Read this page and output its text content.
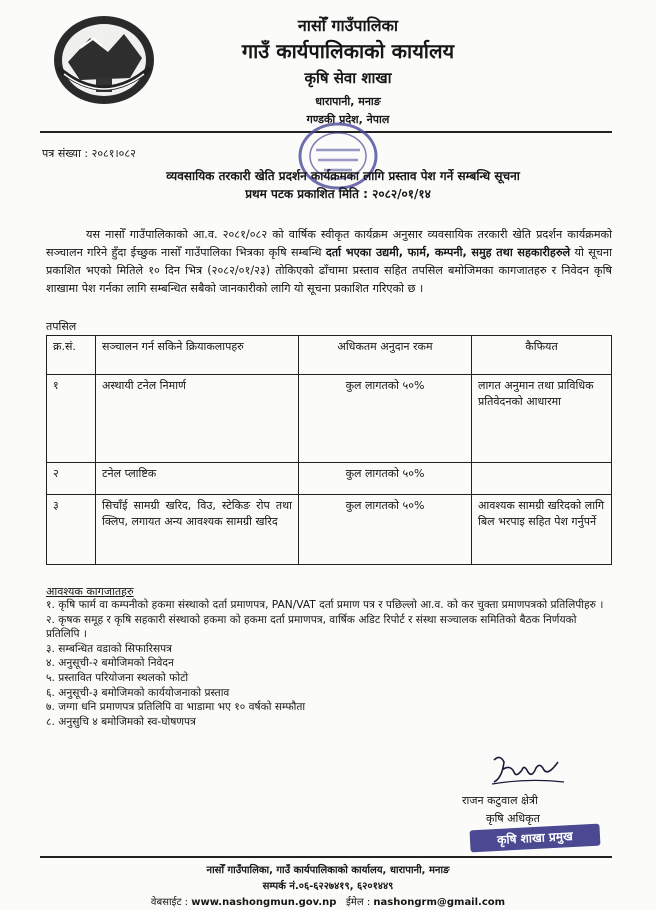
नासोँ गाउँपालिका
गाउँ कार्यपालिकाको कार्यालय
कृषि सेवा शाखा
धारापानी, मनाङ
गण्डकी प्रदेश, नेपाल
पत्र संख्या : २०८१।०८२
व्यवसायिक तरकारी खेति प्रदर्शन कार्यक्रमका लागि प्रस्ताव पेश गर्ने सम्बन्धि सूचना
प्रथम पटक प्रकाशित मिति : २०८२/०१/१४
यस नासोँ गाउँपालिकाको आ.व. २०८१/०८२ को वार्षिक स्वीकृत कार्यक्रम अनुसार व्यवसायिक तरकारी खेति प्रदर्शन कार्यक्रमको सञ्चालन गरिने हुँदा ईच्छुक नासोँ गाउँपालिका भित्रका कृषि सम्बन्धि दर्ता भएका उद्यमी, फार्म, कम्पनी, समुह तथा सहकारीहरुले यो सूचना प्रकाशित भएको मितिले १० दिन भित्र (२०८२/०१/२३) तोकिएको ढाँचामा प्रस्ताव सहित तपसिल बमोजिमका कागजातहरु र निवेदन कृषि शाखामा पेश गर्नका लागि सम्बन्धित सबैको जानकारीको लागि यो सूचना प्रकाशित गरिएको छ ।
तपसिल
क्र.सं.	सञ्चालन गर्न सकिने क्रियाकलापहरु	अधिकतम अनुदान रकम	कैफियत
१	अस्थायी टनेल निमार्ण	कुल लागतको ५०%	लागत अनुमान तथा प्राविधिक प्रतिवेदनको आधारमा
२	टनेल प्लाष्टिक	कुल लागतको ५०%	
३	सिचाँई सामग्री खरिद, विउ, स्टेकिङ रोप तथा क्लिप, लगायत अन्य आवश्यक सामग्री खरिद	कुल लागतको ५०%	आवश्यक सामग्री खरिदको लागि बिल भरपाइ सहित पेश गर्नुपर्ने
आवश्यक कागजातहरु
१. कृषि फार्म वा कम्पनीको हकमा संस्थाको दर्ता प्रमाणपत्र, PAN/VAT दर्ता प्रमाण पत्र र पछिल्लो आ.व. को कर चुक्ता प्रमाणपत्रको प्रतिलिपीहरु ।
२. कृषक समूह र कृषि सहकारी संस्थाको हकमा को हकमा दर्ता प्रमाणपत्र, वार्षिक अडिट रिपोर्ट र संस्था सञ्चालक समितिको बैठक निर्णयको प्रतिलिपि ।
३. सम्बन्धित वडाको सिफारिसपत्र
४. अनुसूची-२ बमोजिमको निवेदन
५. प्रस्तावित परियोजना स्थलको फोटो
६. अनुसूची-३ बमोजिमको कार्ययोजनाको प्रस्ताव
७. जग्गा धनि प्रमाणपत्र प्रतिलिपि वा भाडामा भए १० वर्षको सम्फौता
८. अनुसुचि ४ बमोजिमको स्व-घोषणपत्र
राजन कटुवाल क्षेत्री
कृषि अधिकृत
कृषि शाखा प्रमुख
नासोँ गाउँपालिका, गाउँ कार्यपालिकाको कार्यालय, धारापानी, मनाङ
सम्पर्क नं.०६-६२२७४१९, ६२०१४४९
वेबसाईट : www.nashongmun.gov.np ईमेल : nashongrm@gmail.com
